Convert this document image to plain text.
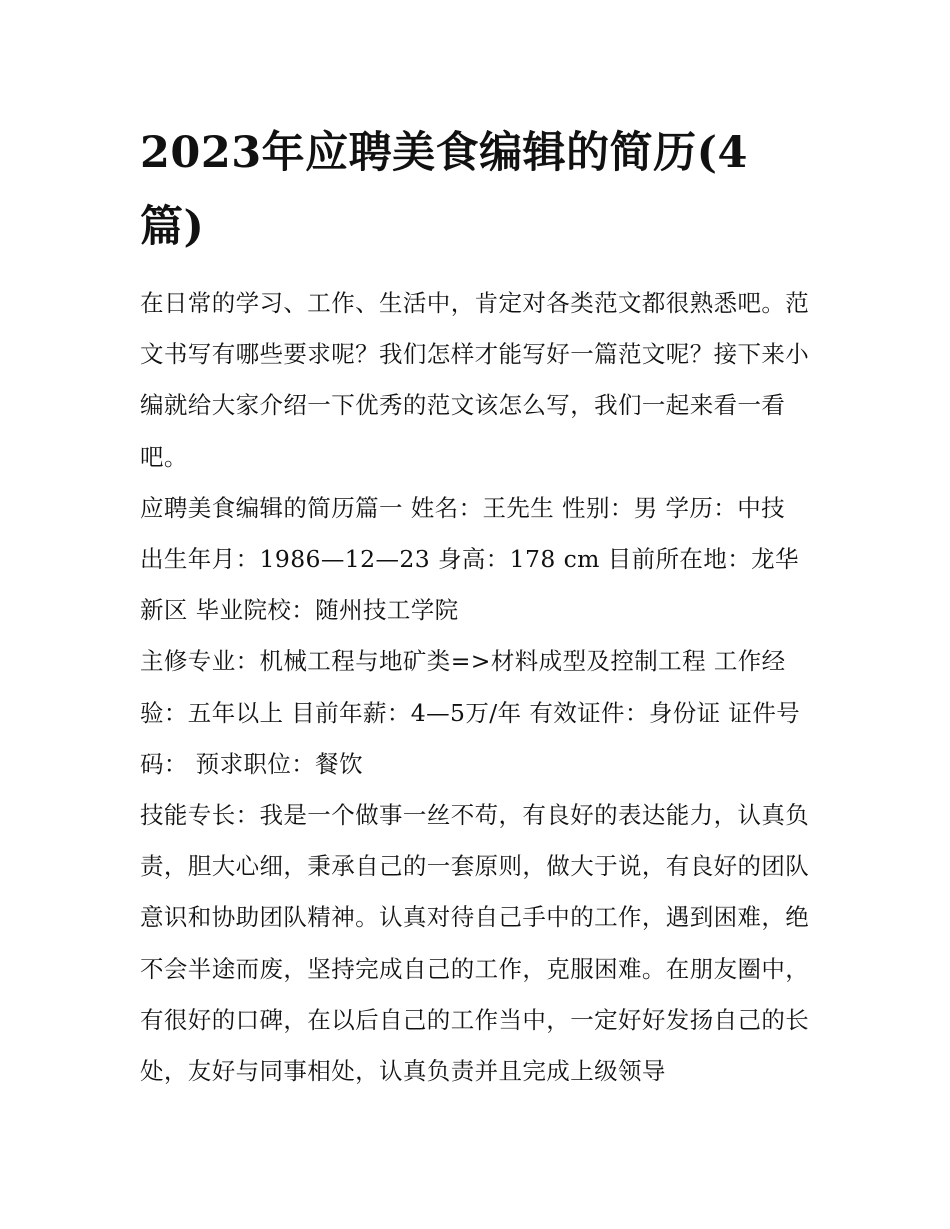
2023年应聘美食编辑的简历(4篇)

在日常的学习、工作、生活中，肯定对各类范文都很熟悉吧。范文书写有哪些要求呢？我们怎样才能写好一篇范文呢？接下来小编就给大家介绍一下优秀的范文该怎么写，我们一起来看一看吧。

应聘美食编辑的简历篇一 姓名：王先生 性别：男 学历：中技 出生年月：1986—12—23 身高：178 cm 目前所在地：龙华新区 毕业院校：随州技工学院

主修专业：机械工程与地矿类=>材料成型及控制工程 工作经验：五年以上 目前年薪：4—5万/年 有效证件：身份证 证件号码： 预求职位：餐饮

技能专长：我是一个做事一丝不苟，有良好的表达能力，认真负责，胆大心细，秉承自己的一套原则，做大于说，有良好的团队意识和协助团队精神。认真对待自己手中的工作，遇到困难，绝不会半途而废，坚持完成自己的工作，克服困难。在朋友圈中，有很好的口碑，在以后自己的工作当中，一定好好发扬自己的长处，友好与同事相处，认真负责并且完成上级领导
